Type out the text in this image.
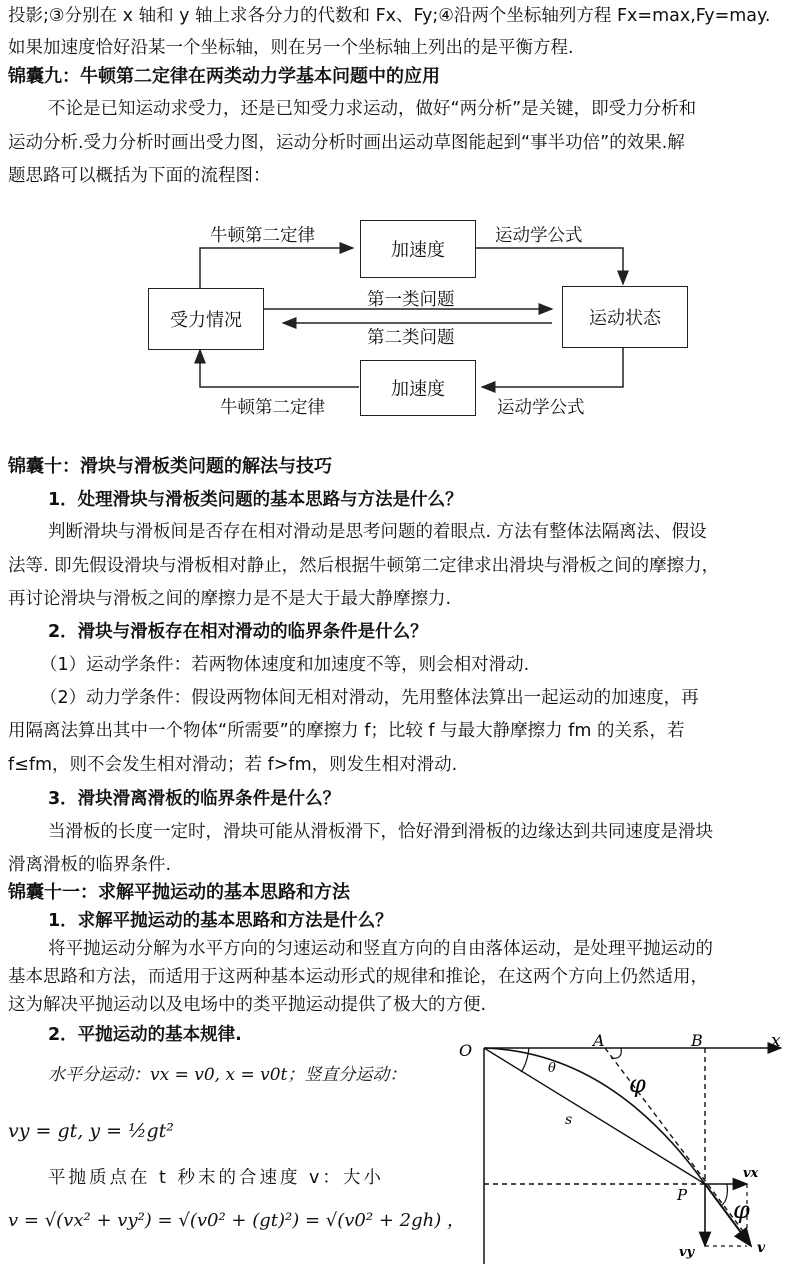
投影;③分别在 x 轴和 y 轴上求各分力的代数和 Fx、Fy;④沿两个坐标轴列方程 Fx=max,Fy=may.
如果加速度恰好沿某一个坐标轴，则在另一个坐标轴上列出的是平衡方程.
锦囊九：牛顿第二定律在两类动力学基本问题中的应用
不论是已知运动求受力，还是已知受力求运动，做好“两分析”是关键，即受力分析和
运动分析.受力分析时画出受力图，运动分析时画出运动草图能起到“事半功倍”的效果.解
题思路可以概括为下面的流程图：
受力情况
加速度
加速度
运动状态
牛顿第二定律	运动学公式
第一类问题
第二类问题
牛顿第二定律	运动学公式
锦囊十：滑块与滑板类问题的解法与技巧
1．处理滑块与滑板类问题的基本思路与方法是什么？
判断滑块与滑板间是否存在相对滑动是思考问题的着眼点. 方法有整体法隔离法、假设
法等. 即先假设滑块与滑板相对静止，然后根据牛顿第二定律求出滑块与滑板之间的摩擦力，
再讨论滑块与滑板之间的摩擦力是不是大于最大静摩擦力.
2．滑块与滑板存在相对滑动的临界条件是什么？
（1）运动学条件：若两物体速度和加速度不等，则会相对滑动.
（2）动力学条件：假设两物体间无相对滑动，先用整体法算出一起运动的加速度，再
用隔离法算出其中一个物体“所需要”的摩擦力 f；比较 f 与最大静摩擦力 fm 的关系，若
f≤fm，则不会发生相对滑动；若 f>fm，则发生相对滑动.
3．滑块滑离滑板的临界条件是什么？
当滑板的长度一定时，滑块可能从滑板滑下，恰好滑到滑板的边缘达到共同速度是滑块
滑离滑板的临界条件.
锦囊十一：求解平抛运动的基本思路和方法
1．求解平抛运动的基本思路和方法是什么？
将平抛运动分解为水平方向的匀速运动和竖直方向的自由落体运动，是处理平抛运动的
基本思路和方法，而适用于这两种基本运动形式的规律和推论，在这两个方向上仍然适用，
这为解决平抛运动以及电场中的类平抛运动提供了极大的方便.
2．平抛运动的基本规律.
水平分运动：vx = v0, x = v0t；竖直分运动：
vy = gt, y = ½gt²
平抛质点在 t 秒末的合速度 v：大小
v = √(vx² + vy²) = √(v0² + (gt)²) = √(v0² + 2gh) ，
O
A	B	x
θ
φ
s
P
vx
φ
v
vy
